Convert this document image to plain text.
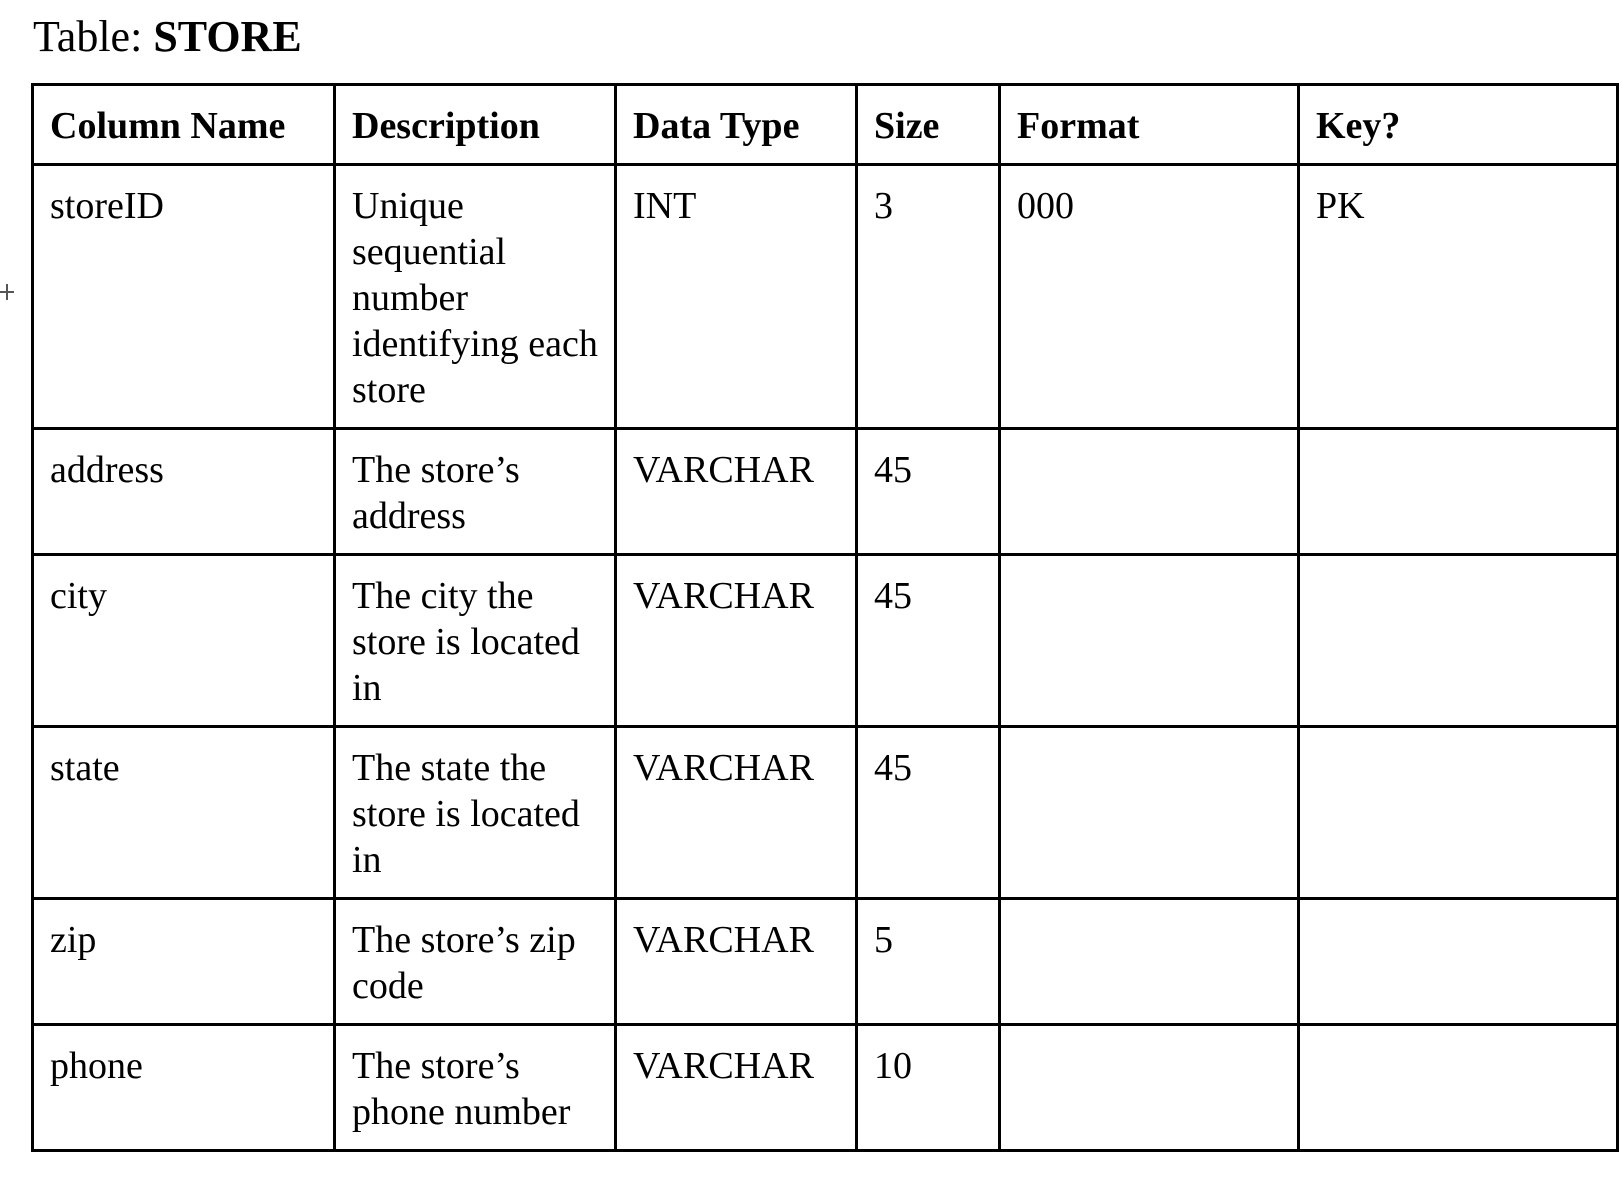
Table: STORE
Column Name	Description	Data Type	Size	Format	Key?
storeID	Unique sequential number identifying each store	INT	3	000	PK
address	The store’s address	VARCHAR	45		
city	The city the store is located in	VARCHAR	45		
state	The state the store is located in	VARCHAR	45		
zip	The store’s zip code	VARCHAR	5		
phone	The store’s phone number	VARCHAR	10		
